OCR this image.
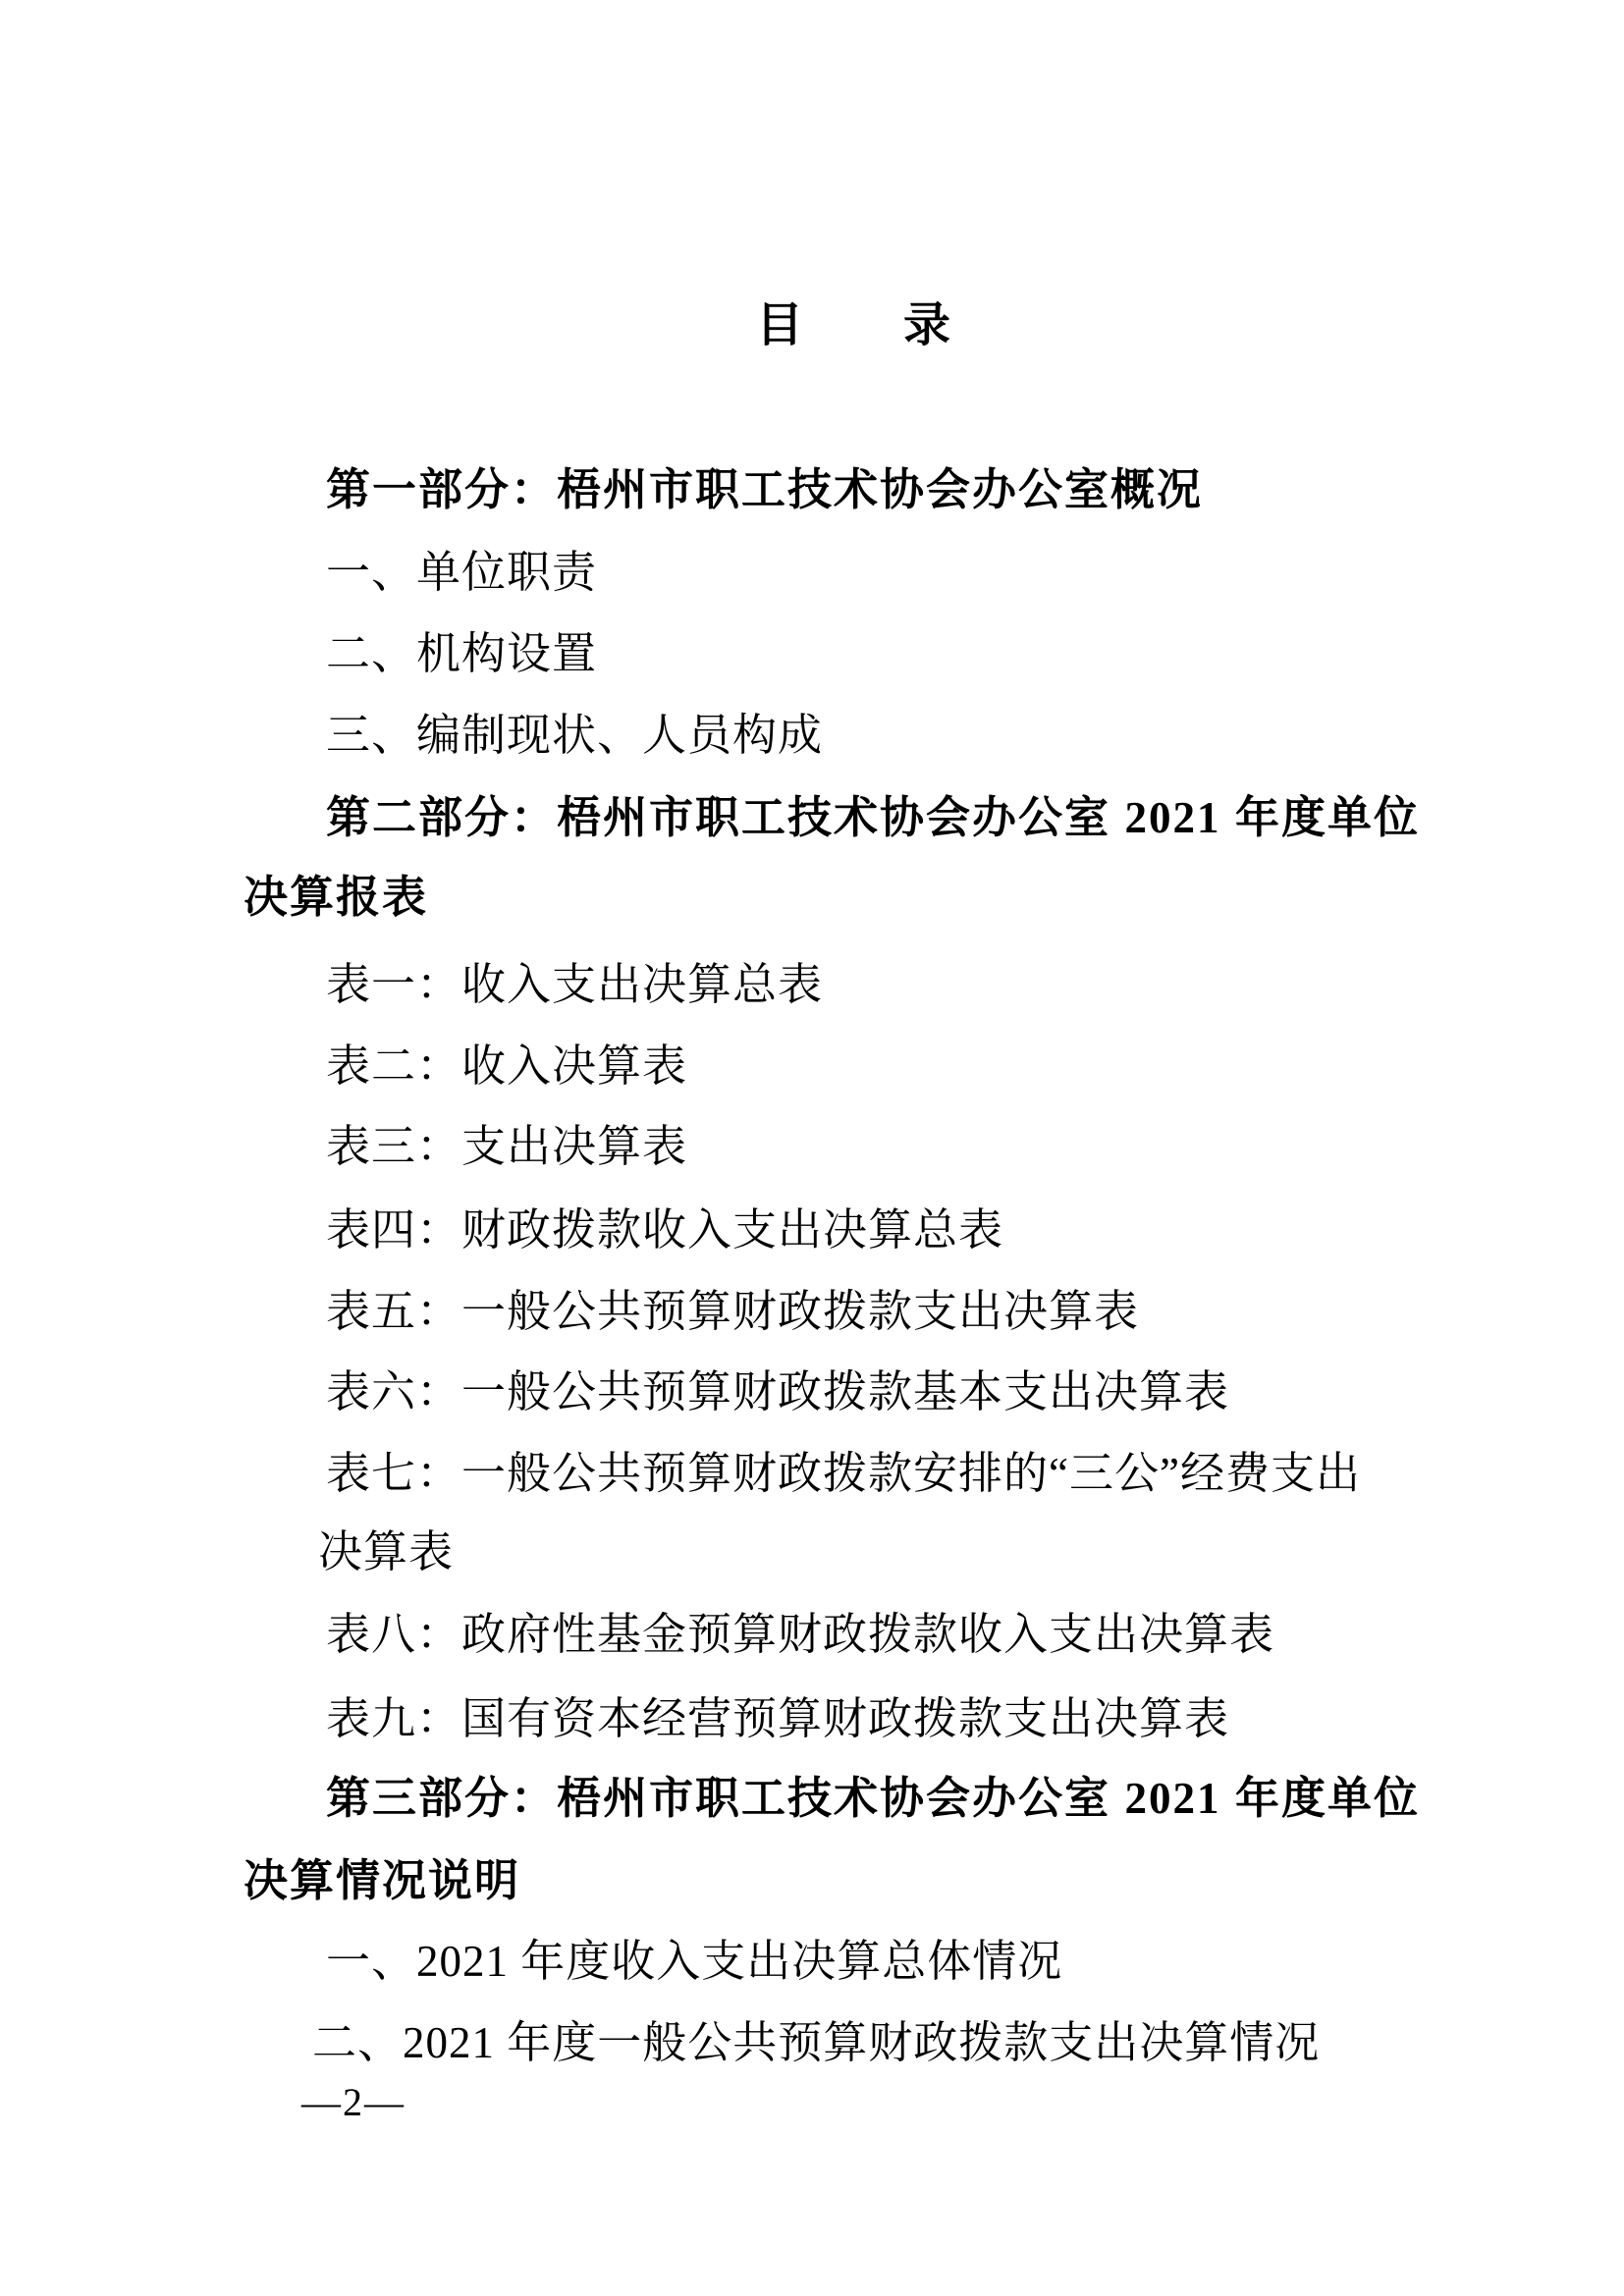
目　　录
第一部分：梧州市职工技术协会办公室概况
一、单位职责
二、机构设置
三、编制现状、人员构成
第二部分：梧州市职工技术协会办公室 2021 年度单位
决算报表
表一：收入支出决算总表
表二：收入决算表
表三：支出决算表
表四：财政拨款收入支出决算总表
表五：一般公共预算财政拨款支出决算表
表六：一般公共预算财政拨款基本支出决算表
表七：一般公共预算财政拨款安排的“三公”经费支出
决算表
表八：政府性基金预算财政拨款收入支出决算表
表九：国有资本经营预算财政拨款支出决算表
第三部分：梧州市职工技术协会办公室 2021 年度单位
决算情况说明
一、2021 年度收入支出决算总体情况
二、2021 年度一般公共预算财政拨款支出决算情况
—2—
